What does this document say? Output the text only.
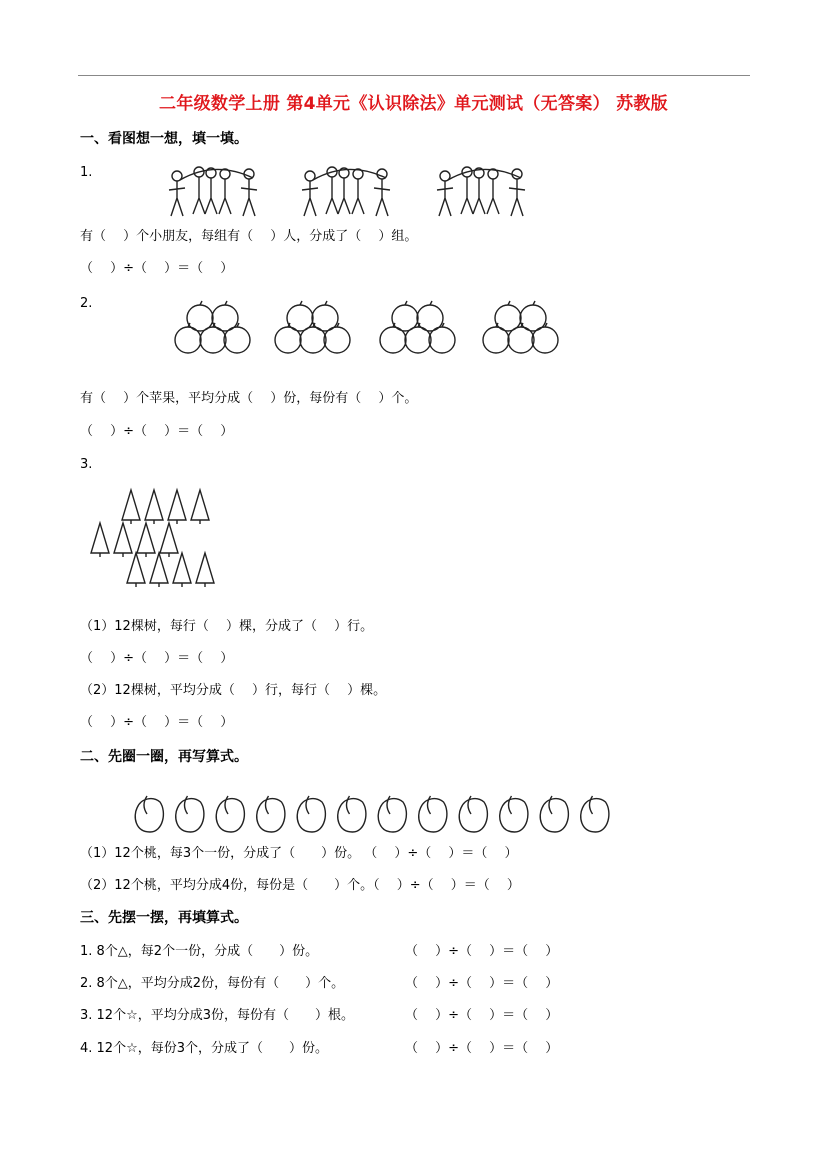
二年级数学上册 第4单元《认识除法》单元测试（无答案） 苏教版
一、看图想一想，填一填。
1.
有（　 ）个小朋友，每组有（　 ）人，分成了（　 ）组。
（　 ）÷（　 ）＝（　 ）
2.
有（　 ）个苹果，平均分成（　 ）份，每份有（　 ）个。
（　 ）÷（　 ）＝（　 ）
3.
（1）12棵树，每行（　 ）棵，分成了（　 ）行。
（　 ）÷（　 ）＝（　 ）
（2）12棵树，平均分成（　 ）行，每行（　 ）棵。
（　 ）÷（　 ）＝（　 ）
二、先圈一圈，再写算式。
（1）12个桃，每3个一份，分成了（　　）份。 （　 ）÷（　 ）＝（　 ）
（2）12个桃，平均分成4份，每份是（　　）个。（　 ）÷（　 ）＝（　 ）
三、先摆一摆，再填算式。
1. 8个△，每2个一份，分成（　　）份。	（　 ）÷（　 ）＝（　 ）
2. 8个△，平均分成2份，每份有（　　）个。	（　 ）÷（　 ）＝（　 ）
3. 12个☆，平均分成3份，每份有（　　）根。	（　 ）÷（　 ）＝（　 ）
4. 12个☆，每份3个，分成了（　　）份。	（　 ）÷（　 ）＝（　 ）
